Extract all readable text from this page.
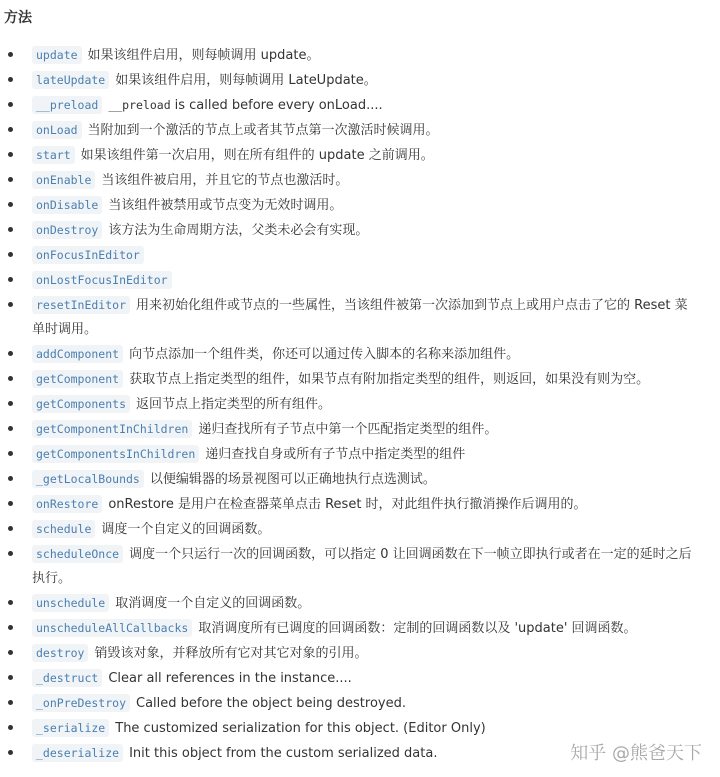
方法
update 如果该组件启用，则每帧调用 update。
lateUpdate 如果该组件启用，则每帧调用 LateUpdate。
__preload __preload is called before every onLoad....
onLoad 当附加到一个激活的节点上或者其节点第一次激活时候调用。
start 如果该组件第一次启用，则在所有组件的 update 之前调用。
onEnable 当该组件被启用，并且它的节点也激活时。
onDisable 当该组件被禁用或节点变为无效时调用。
onDestroy 该方法为生命周期方法，父类未必会有实现。
onFocusInEditor
onLostFocusInEditor
resetInEditor 用来初始化组件或节点的一些属性，当该组件被第一次添加到节点上或用户点击了它的 Reset 菜单时调用。
addComponent 向节点添加一个组件类，你还可以通过传入脚本的名称来添加组件。
getComponent 获取节点上指定类型的组件，如果节点有附加指定类型的组件，则返回，如果没有则为空。
getComponents 返回节点上指定类型的所有组件。
getComponentInChildren 递归查找所有子节点中第一个匹配指定类型的组件。
getComponentsInChildren 递归查找自身或所有子节点中指定类型的组件
_getLocalBounds 以便编辑器的场景视图可以正确地执行点选测试。
onRestore onRestore 是用户在检查器菜单点击 Reset 时，对此组件执行撤消操作后调用的。
schedule 调度一个自定义的回调函数。
scheduleOnce 调度一个只运行一次的回调函数，可以指定 0 让回调函数在下一帧立即执行或者在一定的延时之后执行。
unschedule 取消调度一个自定义的回调函数。
unscheduleAllCallbacks 取消调度所有已调度的回调函数：定制的回调函数以及 'update' 回调函数。
destroy 销毁该对象，并释放所有它对其它对象的引用。
_destruct Clear all references in the instance....
_onPreDestroy Called before the object being destroyed.
_serialize The customized serialization for this object. (Editor Only)
_deserialize Init this object from the custom serialized data.	知乎 @熊爸天下
